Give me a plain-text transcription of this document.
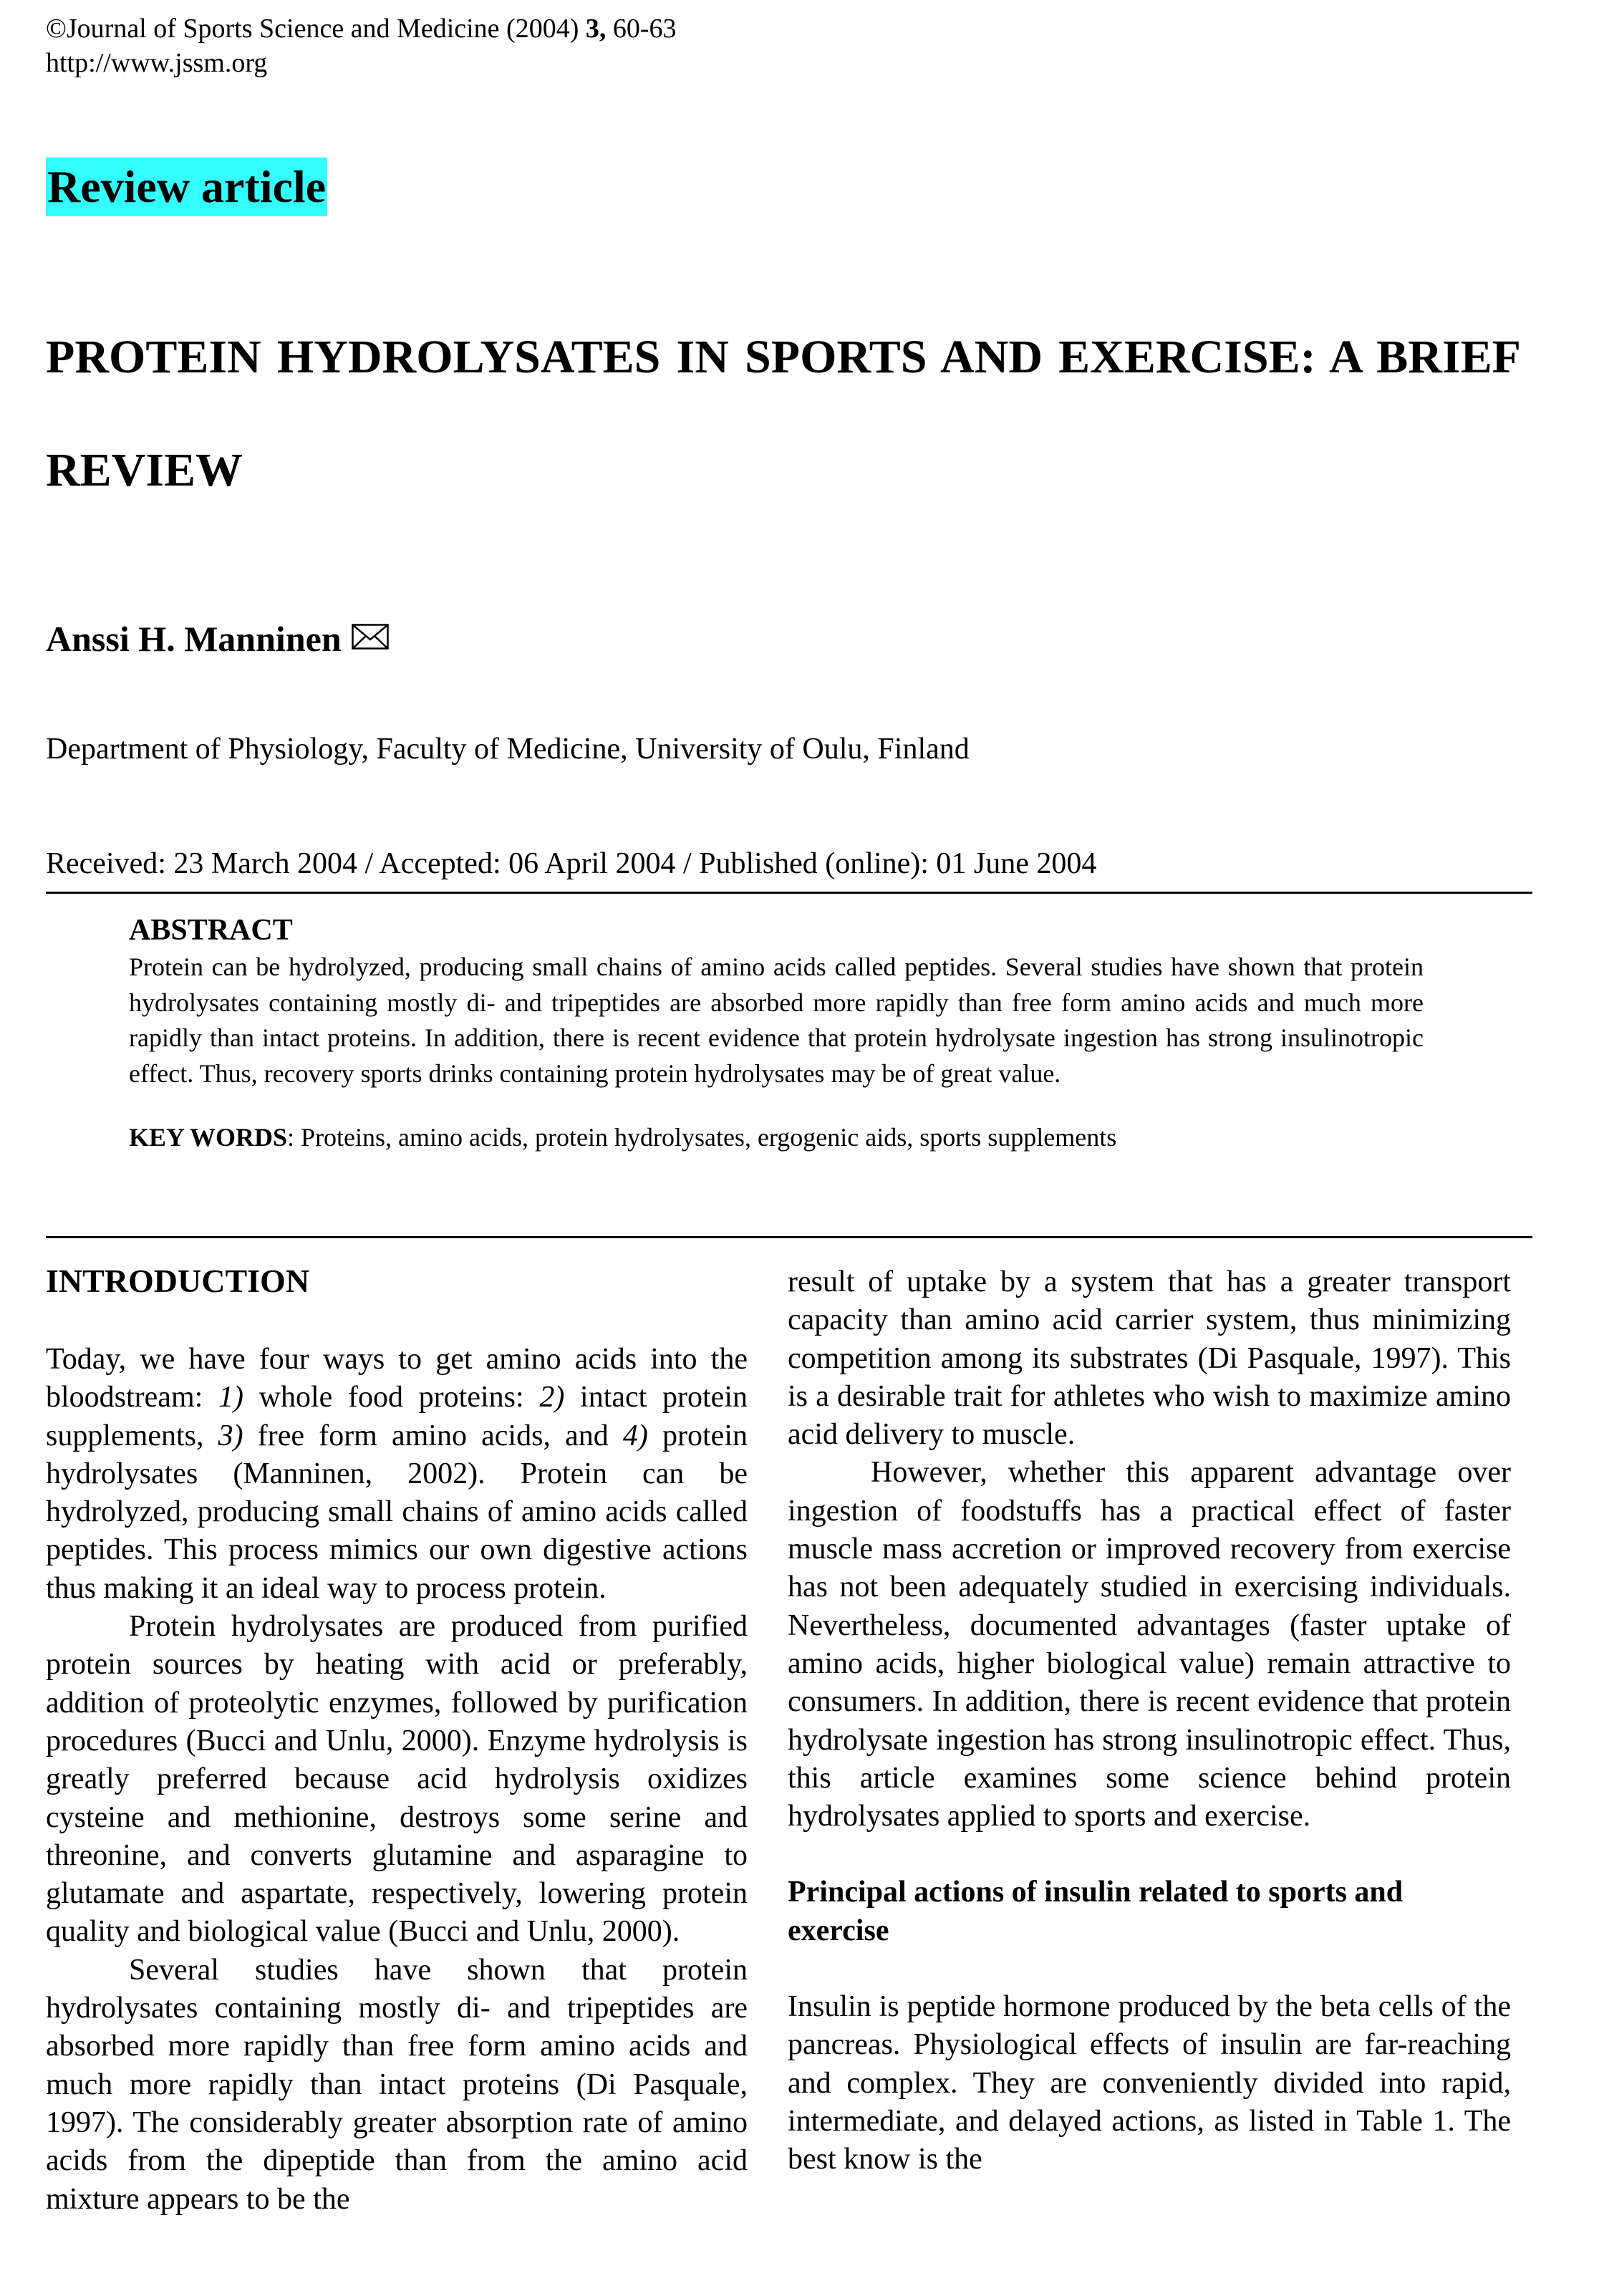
©Journal of Sports Science and Medicine (2004) 3, 60-63
http://www.jssm.org
Review article
PROTEIN HYDROLYSATES IN SPORTS AND EXERCISE: A BRIEF REVIEW
Anssi H. Manninen
Department of Physiology, Faculty of Medicine, University of Oulu, Finland
Received: 23 March 2004 / Accepted: 06 April 2004 / Published (online): 01 June 2004
ABSTRACT

Protein can be hydrolyzed, producing small chains of amino acids called peptides. Several studies have shown that protein hydrolysates containing mostly di- and tripeptides are absorbed more rapidly than free form amino acids and much more rapidly than intact proteins. In addition, there is recent evidence that protein hydrolysate ingestion has strong insulinotropic effect. Thus, recovery sports drinks containing protein hydrolysates may be of great value.

KEY WORDS: Proteins, amino acids, protein hydrolysates, ergogenic aids, sports supplements
INTRODUCTION

Today, we have four ways to get amino acids into the bloodstream: 1) whole food proteins: 2) intact protein supplements, 3) free form amino acids, and 4) protein hydrolysates (Manninen, 2002). Protein can be hydrolyzed, producing small chains of amino acids called peptides. This process mimics our own digestive actions thus making it an ideal way to process protein.

Protein hydrolysates are produced from purified protein sources by heating with acid or preferably, addition of proteolytic enzymes, followed by purification procedures (Bucci and Unlu, 2000). Enzyme hydrolysis is greatly preferred because acid hydrolysis oxidizes cysteine and methionine, destroys some serine and threonine, and converts glutamine and asparagine to glutamate and aspartate, respectively, lowering protein quality and biological value (Bucci and Unlu, 2000).

Several studies have shown that protein hydrolysates containing mostly di- and tripeptides are absorbed more rapidly than free form amino acids and much more rapidly than intact proteins (Di Pasquale, 1997). The considerably greater absorption rate of amino acids from the dipeptide than from the amino acid mixture appears to be the

result of uptake by a system that has a greater transport capacity than amino acid carrier system, thus minimizing competition among its substrates (Di Pasquale, 1997). This is a desirable trait for athletes who wish to maximize amino acid delivery to muscle.

However, whether this apparent advantage over ingestion of foodstuffs has a practical effect of faster muscle mass accretion or improved recovery from exercise has not been adequately studied in exercising individuals. Nevertheless, documented advantages (faster uptake of amino acids, higher biological value) remain attractive to consumers. In addition, there is recent evidence that protein hydrolysate ingestion has strong insulinotropic effect. Thus, this article examines some science behind protein hydrolysates applied to sports and exercise.

Principal actions of insulin related to sports and exercise

Insulin is peptide hormone produced by the beta cells of the pancreas. Physiological effects of insulin are far-reaching and complex. They are conveniently divided into rapid, intermediate, and delayed actions, as listed in Table 1. The best know is the
